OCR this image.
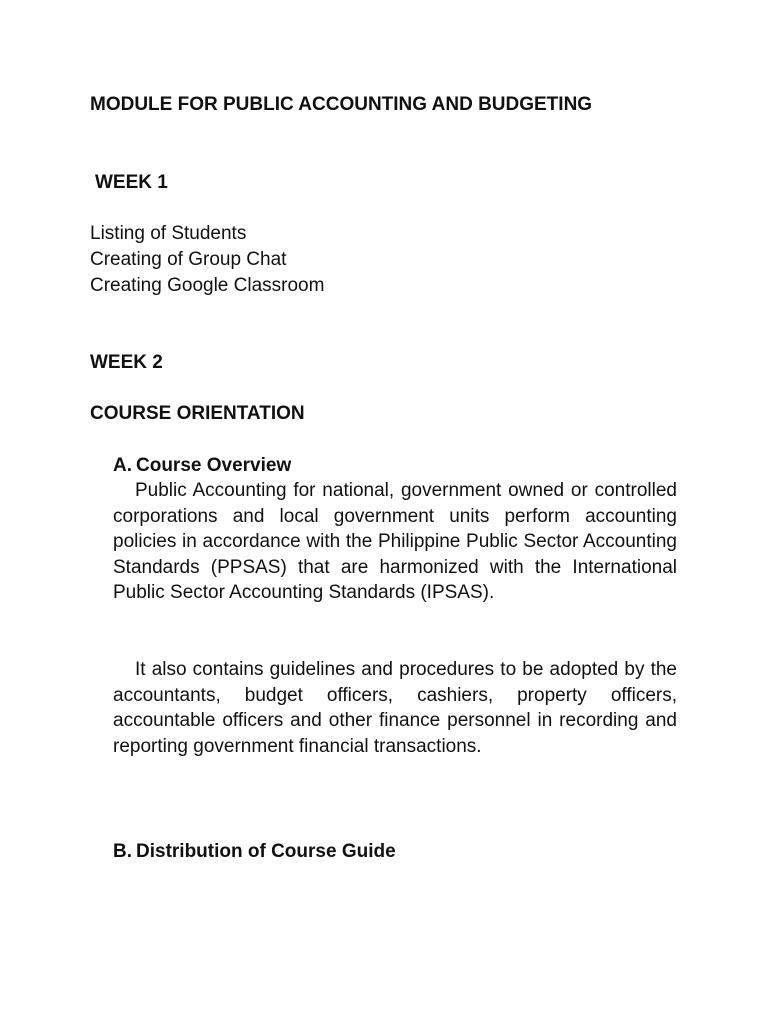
MODULE FOR PUBLIC ACCOUNTING AND BUDGETING
WEEK 1
Listing of Students
Creating of Group Chat
Creating Google Classroom
WEEK 2
COURSE ORIENTATION
A. Course Overview

Public Accounting for national, government owned or controlled corporations and local government units perform accounting policies in accordance with the Philippine Public Sector Accounting Standards (PPSAS) that are harmonized with the International Public Sector Accounting Standards (IPSAS).

It also contains guidelines and procedures to be adopted by the accountants, budget officers, cashiers, property officers, accountable officers and other finance personnel in recording and reporting government financial transactions.

B. Distribution of Course Guide
